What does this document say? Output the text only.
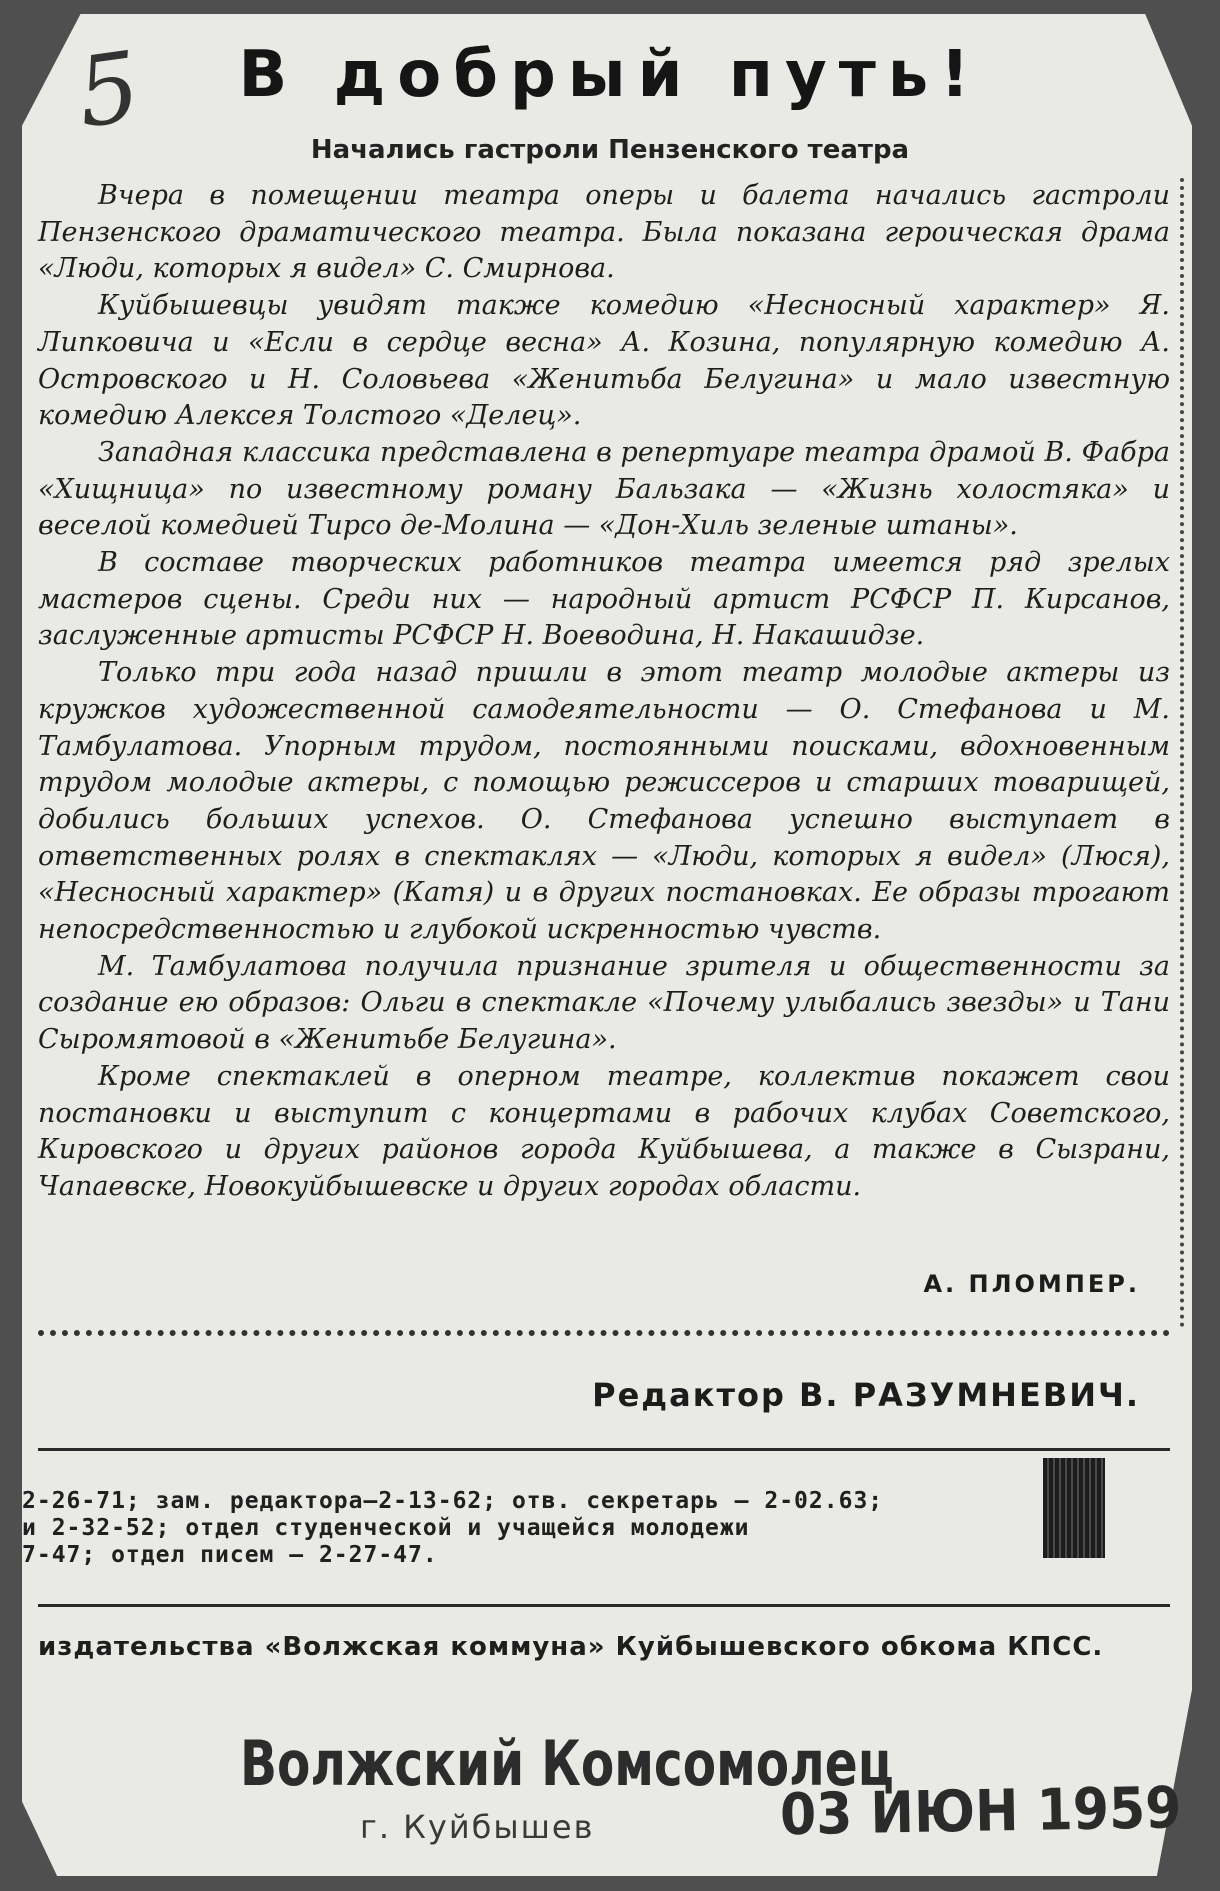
5	В добрый путь!
Начались гастроли Пензенского театра

Вчера в помещении театра оперы и балета начались гастроли Пензенского драматического театра. Была показана героическая драма «Люди, которых я видел» С. Смирнова.

Куйбышевцы увидят также комедию «Несносный характер» Я. Липковича и «Если в сердце весна» А. Козина, популярную комедию А. Островского и Н. Соловьева «Женитьба Белугина» и мало известную комедию Алексея Толстого «Делец».

Западная классика представлена в репертуаре театра драмой В. Фабра «Хищница» по известному роману Бальзака — «Жизнь холостяка» и веселой комедией Тирсо де-Молина — «Дон-Хиль зеленые штаны».

В составе творческих работников театра имеется ряд зрелых мастеров сцены. Среди них — народный артист РСФСР П. Кирсанов, заслуженные артисты РСФСР Н. Воеводина, Н. Накашидзе.

Только три года назад пришли в этот театр молодые актеры из кружков художественной самодеятельности — О. Стефанова и М. Тамбулатова. Упорным трудом, постоянными поисками, вдохновенным трудом молодые актеры, с помощью режиссеров и старших товарищей, добились больших успехов. О. Стефанова успешно выступает в ответственных ролях в спектаклях — «Люди, которых я видел» (Люся), «Несносный характер» (Катя) и в других постановках. Ее образы трогают непосредственностью и глубокой искренностью чувств.

М. Тамбулатова получила признание зрителя и общественности за создание ею образов: Ольги в спектакле «Почему улыбались звезды» и Тани Сыромятовой в «Женитьбе Белугина».

Кроме спектаклей в оперном театре, коллектив покажет свои постановки и выступит с концертами в рабочих клубах Советского, Кировского и других районов города Куйбышева, а также в Сызрани, Чапаевске, Новокуйбышевске и других городах области.

А. ПЛОМПЕР.
Редактор В. РАЗУМНЕВИЧ.
2-26-71; зам. редактора—2-13-62; отв. секретарь — 2-02.63;
и 2-32-52; отдел студенческой и учащейся молодежи
7-47; отдел писем — 2-27-47.
издательства «Волжская коммуна» Куйбышевского обкома КПСС.
Волжский Комсомолец
г. Куйбышев	03 ИЮН 1959
